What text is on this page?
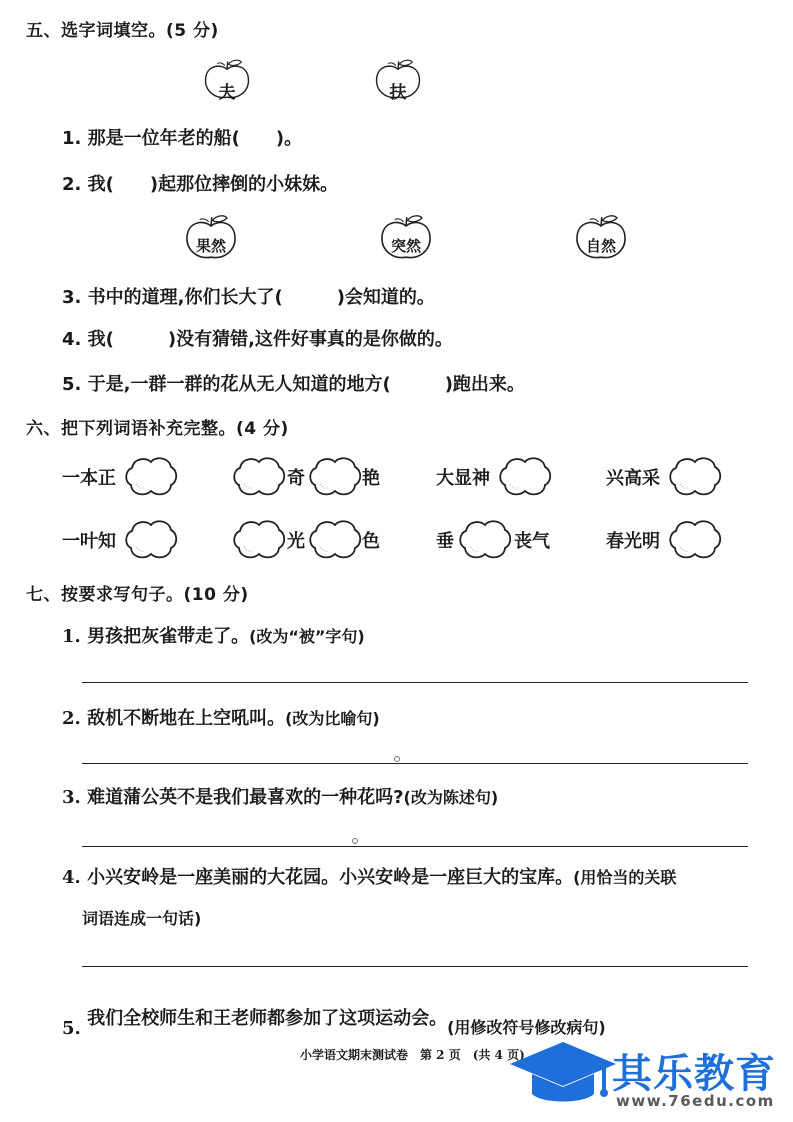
五、选字词填空。(5 分)
夫	扶
1. 那是一位年老的船(　　)。
2. 我(　　)起那位摔倒的小妹妹。
果然	突然	自然
3. 书中的道理,你们长大了(　　　)会知道的。
4. 我(　　　)没有猜错,这件好事真的是你做的。
5. 于是,一群一群的花从无人知道的地方(　　　)跑出来。
六、把下列词语补充完整。(4 分)
一本正	奇	艳	大显神	兴高采
一叶知	光	色	垂	丧气	春光明
七、按要求写句子。(10 分)
1. 男孩把灰雀带走了。(改为“被”字句)
2. 敌机不断地在上空吼叫。(改为比喻句)
3. 难道蒲公英不是我们最喜欢的一种花吗?(改为陈述句)
4. 小兴安岭是一座美丽的大花园。小兴安岭是一座巨大的宝库。(用恰当的关联
词语连成一句话)
5. 我们全校师生和王老师都参加了这项运动会。(用修改符号修改病句)
小学语文期末测试卷　第 2 页　(共 4 页) 其乐教育
www.76edu.com
